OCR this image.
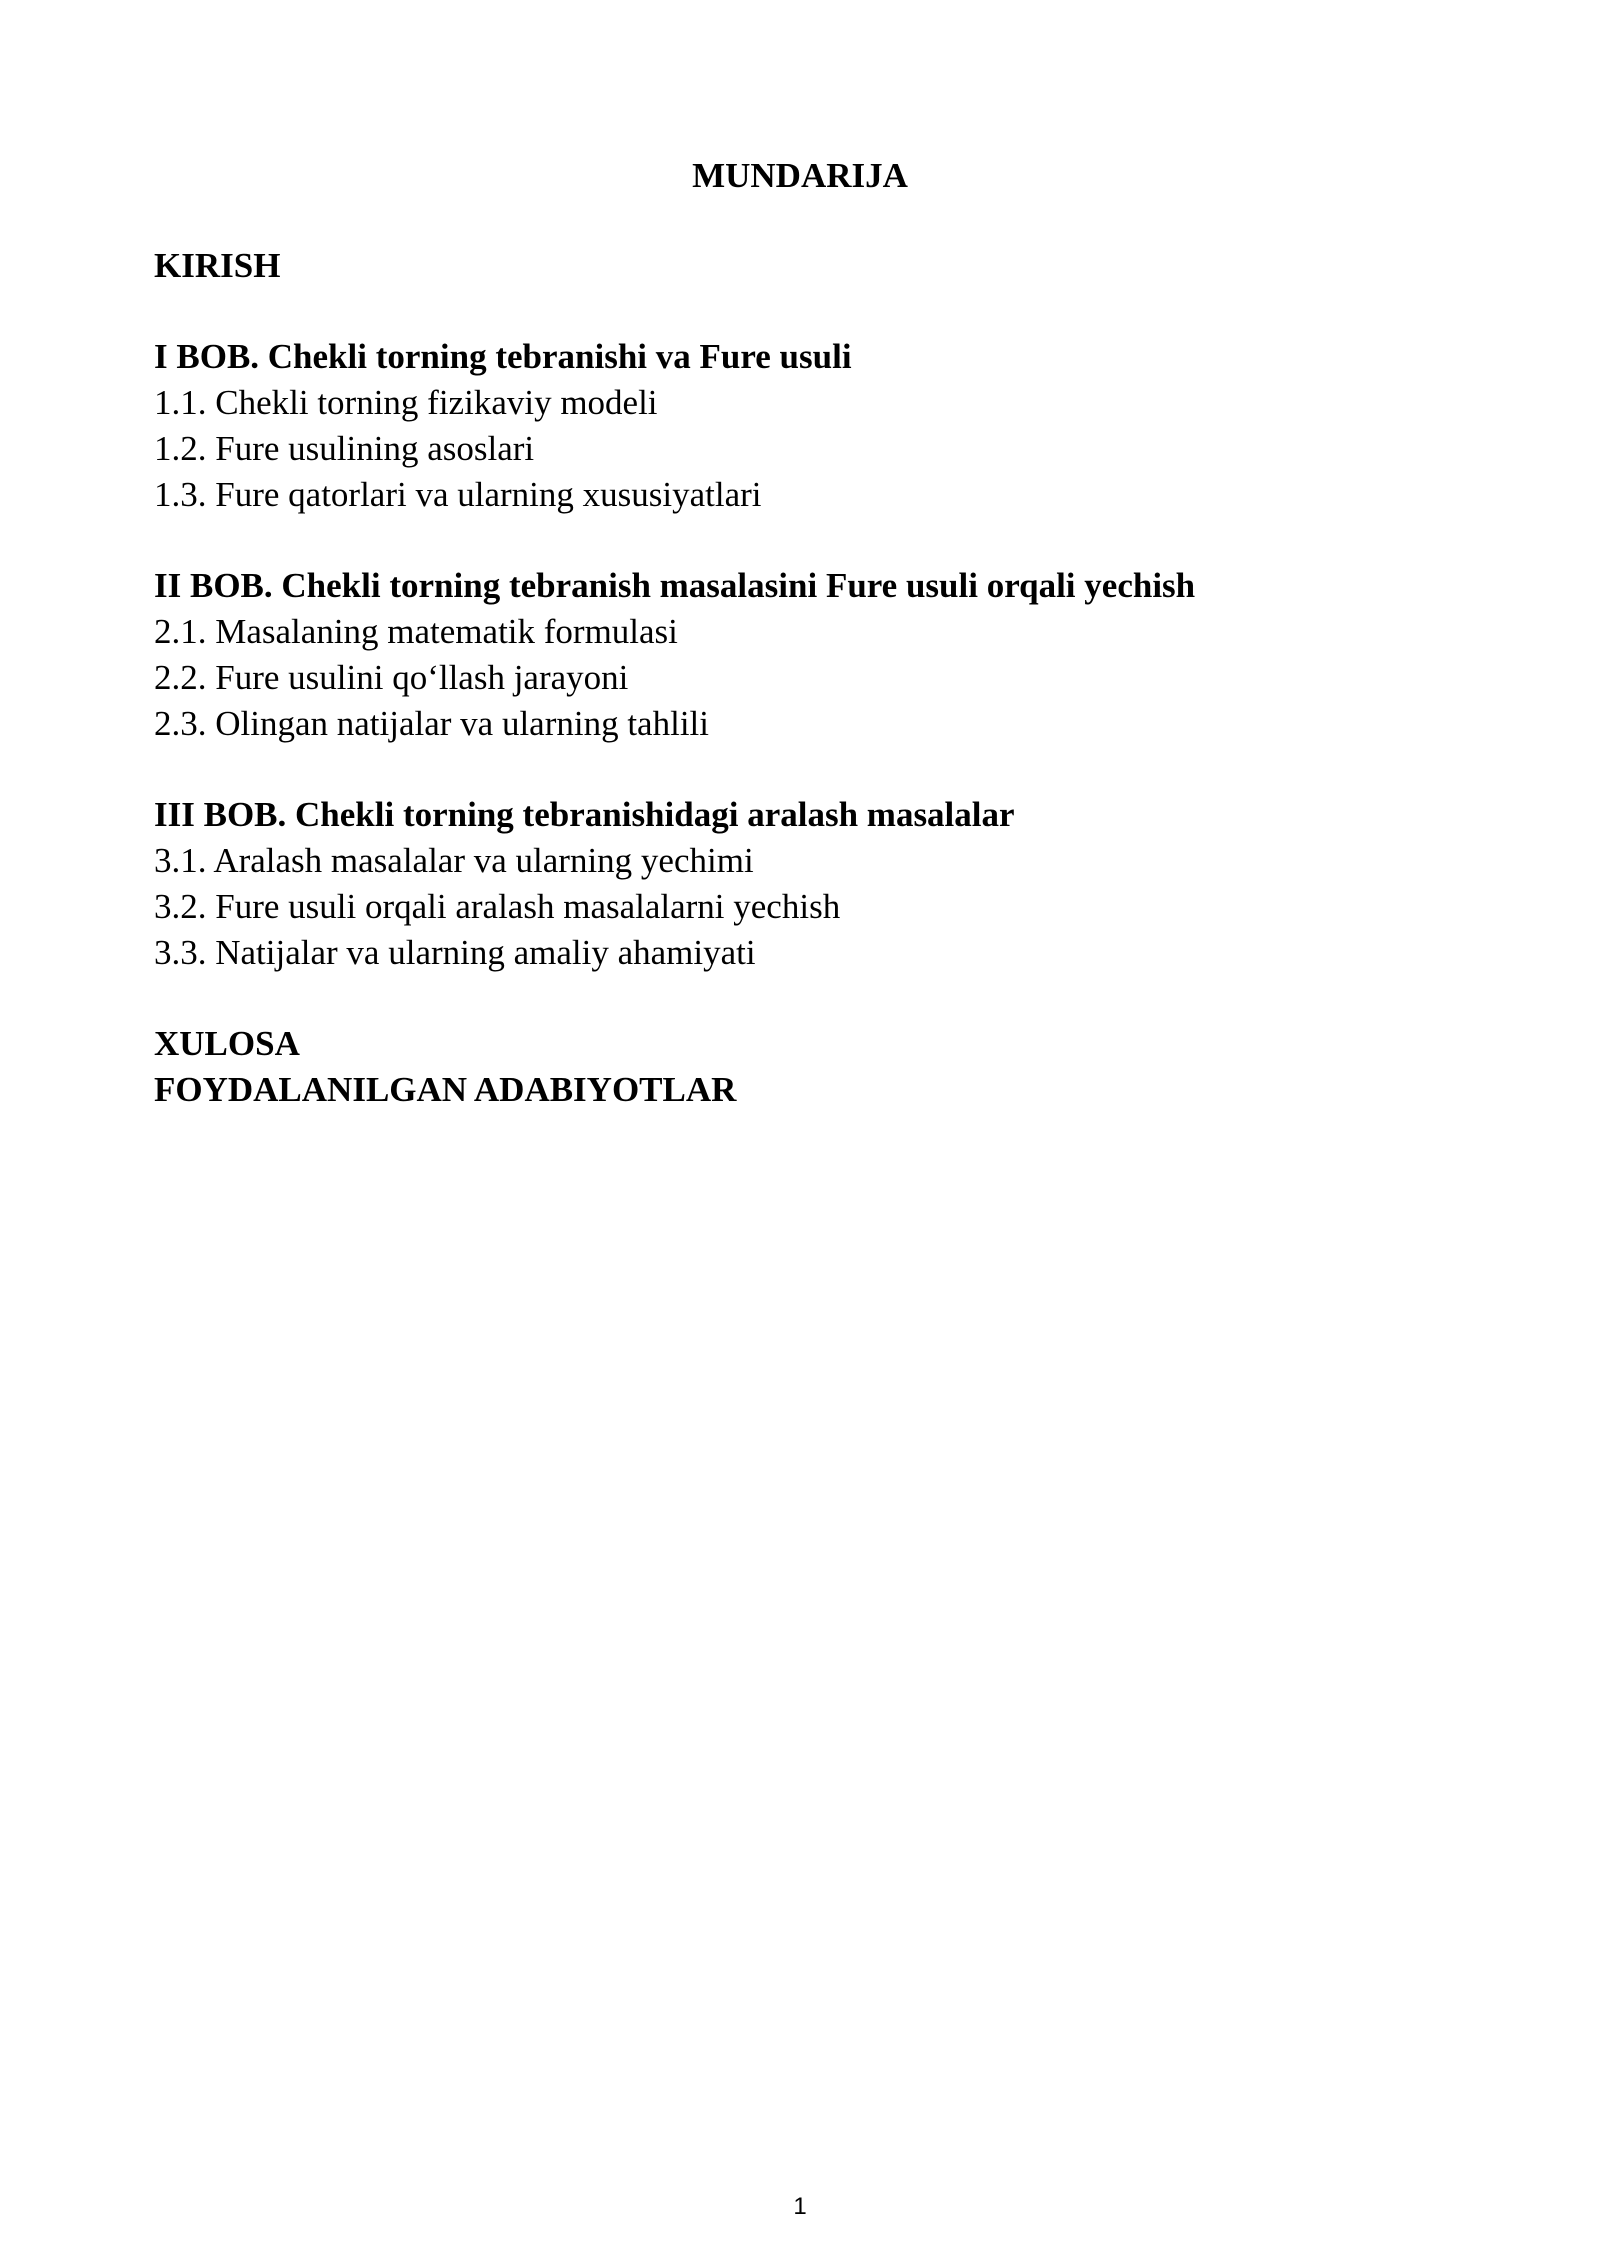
MUNDARIJA
KIRISH
I BOB. Chekli torning tebranishi va Fure usuli
1.1. Chekli torning fizikaviy modeli
1.2. Fure usulining asoslari
1.3. Fure qatorlari va ularning xususiyatlari
II BOB. Chekli torning tebranish masalasini Fure usuli orqali yechish
2.1. Masalaning matematik formulasi
2.2. Fure usulini qo‘llash jarayoni
2.3. Olingan natijalar va ularning tahlili
III BOB. Chekli torning tebranishidagi aralash masalalar
3.1. Aralash masalalar va ularning yechimi
3.2. Fure usuli orqali aralash masalalarni yechish
3.3. Natijalar va ularning amaliy ahamiyati
XULOSA
FOYDALANILGAN ADABIYOTLAR
1
